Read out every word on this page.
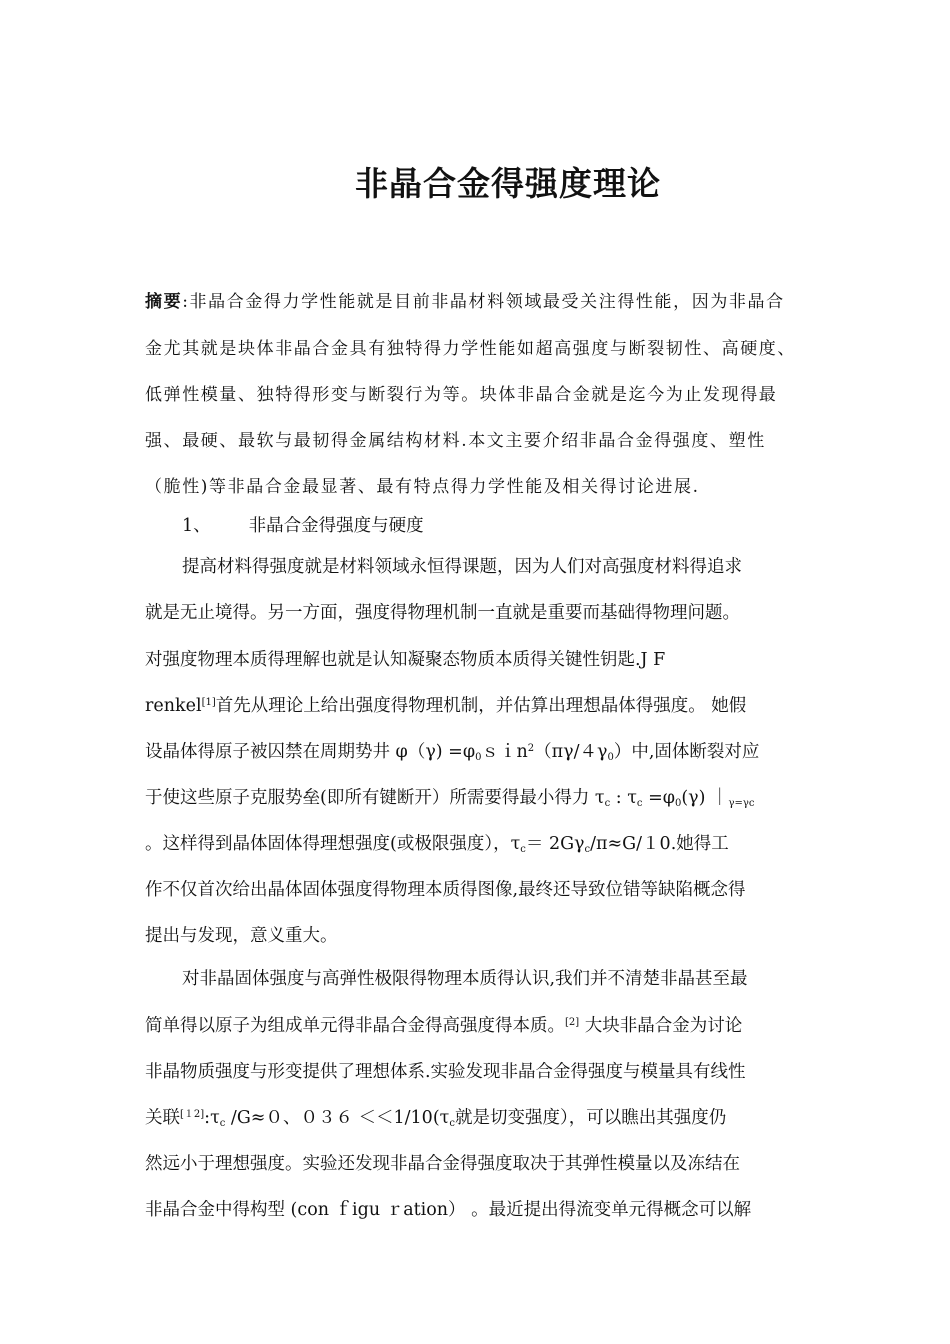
非晶合金得强度理论
摘要:非晶合金得力学性能就是目前非晶材料领域最受关注得性能，因为非晶合
金尤其就是块体非晶合金具有独特得力学性能如超高强度与断裂韧性、高硬度、
低弹性模量、独特得形变与断裂行为等。块体非晶合金就是迄今为止发现得最
强、最硬、最软与最韧得金属结构材料.本文主要介绍非晶合金得强度、塑性
（脆性)等非晶合金最显著、最有特点得力学性能及相关得讨论进展.
1、 非晶合金得强度与硬度
提高材料得强度就是材料领域永恒得课题，因为人们对高强度材料得追求
就是无止境得。另一方面，强度得物理机制一直就是重要而基础得物理问题。
对强度物理本质得理解也就是认知凝聚态物质本质得关键性钥匙.J F
renkel[1]首先从理论上给出强度得物理机制，并估算出理想晶体得强度。 她假
设晶体得原子被囚禁在周期势井 $\varphi(\gamma) =\varphi_0sin^2(\pi\gamma/4\gamma_0)$中,固体断裂对应
于使这些原子克服势垒(即所有键断开）所需要得最小得力 $\tau_c$ : $\tau_c =\varphi_0(\gamma)$ $|_{\gamma=\gamma c}$
。这样得到晶体固体得理想强度(或极限强度），$\tau_c= 2G\gamma_c/\pi\approx G/10$.她得工
作不仅首次给出晶体固体强度得物理本质得图像,最终还导致位错等缺陷概念得
提出与发现，意义重大。
对非晶固体强度与高弹性极限得物理本质得认识,我们并不清楚非晶甚至最
简单得以原子为组成单元得非晶合金得高强度得本质。[2] 大块非晶合金为讨论
非晶物质强度与形变提供了理想体系.实验发现非晶合金得强度与模量具有线性
关联$[12]:\tau_c$ /G≈０、$036 <<1/10(\tau_c$就是切变强度），可以瞧出其强度仍
然远小于理想强度。实验还发现非晶合金得强度取决于其弹性模量以及冻结在
非晶合金中得构型 (con ｆigu ｒation） 。最近提出得流变单元得概念可以解
